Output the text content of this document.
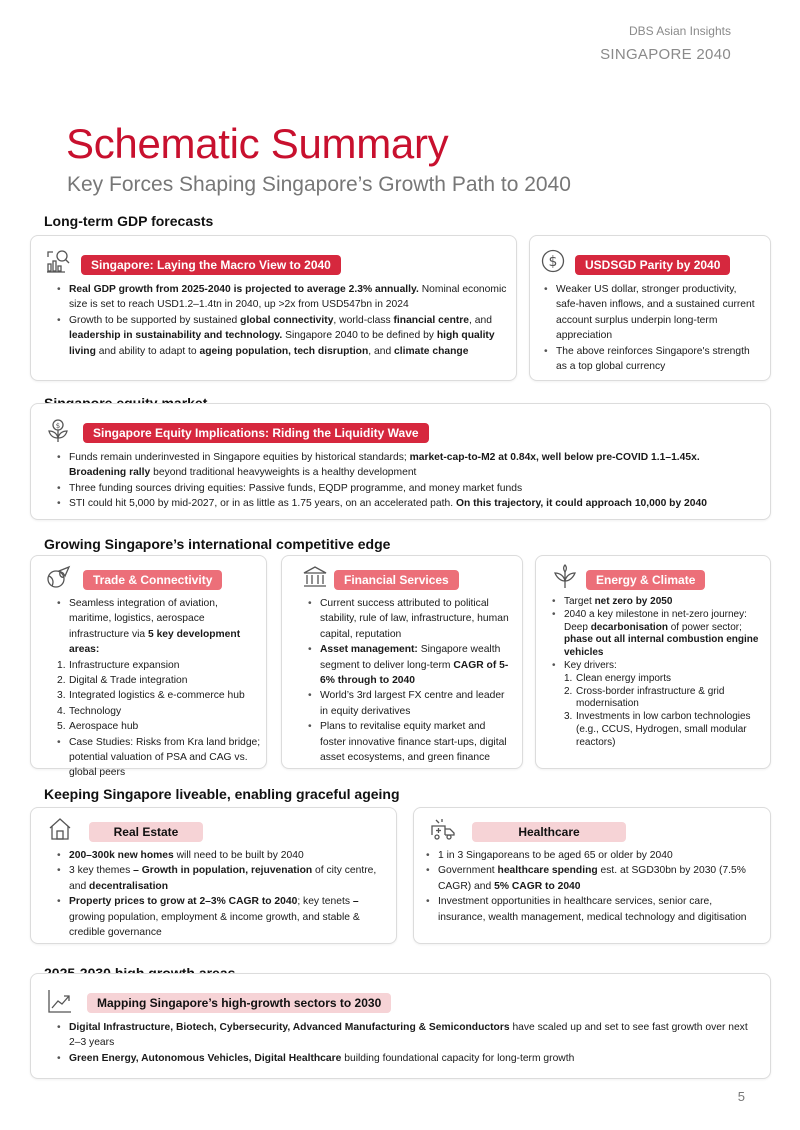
DBS Asian Insights
SINGAPORE 2040
Schematic Summary
Key Forces Shaping Singapore’s Growth Path to 2040
Long-term GDP forecasts
Singapore: Laying the Macro View to 2040
• Real GDP growth from 2025-2040 is projected to average 2.3% annually. Nominal economic size is set to reach USD1.2–1.4tn in 2040, up >2x from USD547bn in 2024
• Growth to be supported by sustained global connectivity, world-class financial centre, and leadership in sustainability and technology. Singapore 2040 to be defined by high quality living and ability to adapt to ageing population, tech disruption, and climate change
$	USDSGD Parity by 2040
• Weaker US dollar, stronger productivity, safe-haven inflows, and a sustained current account surplus underpin long-term appreciation
• The above reinforces Singapore's strength as a top global currency
$	Singapore Equity Implications: Riding the Liquidity Wave
• Funds remain underinvested in Singapore equities by historical standards; market-cap-to-M2 at 0.84x, well below pre-COVID 1.1–1.45x. Broadening rally beyond traditional heavyweights is a healthy development
• Three funding sources driving equities: Passive funds, EQDP programme, and money market funds
• STI could hit 5,000 by mid-2027, or in as little as 1.75 years, on an accelerated path. On this trajectory, it could approach 10,000 by 2040
Growing Singapore’s international competitive edge
Trade & Connectivity
• Seamless integration of aviation, maritime, logistics, aerospace infrastructure via 5 key development areas:
1. Infrastructure expansion
2. Digital & Trade integration
3. Integrated logistics & e-commerce hub
4. Technology
5. Aerospace hub
• Case Studies: Risks from Kra land bridge; potential valuation of PSA and CAG vs. global peers
Financial Services
• Current success attributed to political stability, rule of law, infrastructure, human capital, reputation
• Asset management: Singapore wealth segment to deliver long-term CAGR of 5-6% through to 2040
• World’s 3rd largest FX centre and leader in equity derivatives
• Plans to revitalise equity market and foster innovative finance start-ups, digital asset ecosystems, and green finance
Energy & Climate
• Target net zero by 2050
• 2040 a key milestone in net-zero journey: Deep decarbonisation of power sector; phase out all internal combustion engine vehicles
• Key drivers:
1. Clean energy imports
2. Cross-border infrastructure & grid modernisation
3. Investments in low carbon technologies (e.g., CCUS, Hydrogen, small modular reactors)
Keeping Singapore liveable, enabling graceful ageing
Real Estate
• 200–300k new homes will need to be built by 2040
• 3 key themes – Growth in population, rejuvenation of city centre, and decentralisation
• Property prices to grow at 2–3% CAGR to 2040; key tenets – growing population, employment & income growth, and stable & credible governance
Healthcare
• 1 in 3 Singaporeans to be aged 65 or older by 2040
• Government healthcare spending est. at SGD30bn by 2030 (7.5% CAGR) and 5% CAGR to 2040
• Investment opportunities in healthcare services, senior care, insurance, wealth management, medical technology and digitisation
Mapping Singapore’s high-growth sectors to 2030
• Digital Infrastructure, Biotech, Cybersecurity, Advanced Manufacturing & Semiconductors have scaled up and set to see fast growth over next 2–3 years
• Green Energy, Autonomous Vehicles, Digital Healthcare building foundational capacity for long-term growth
5
